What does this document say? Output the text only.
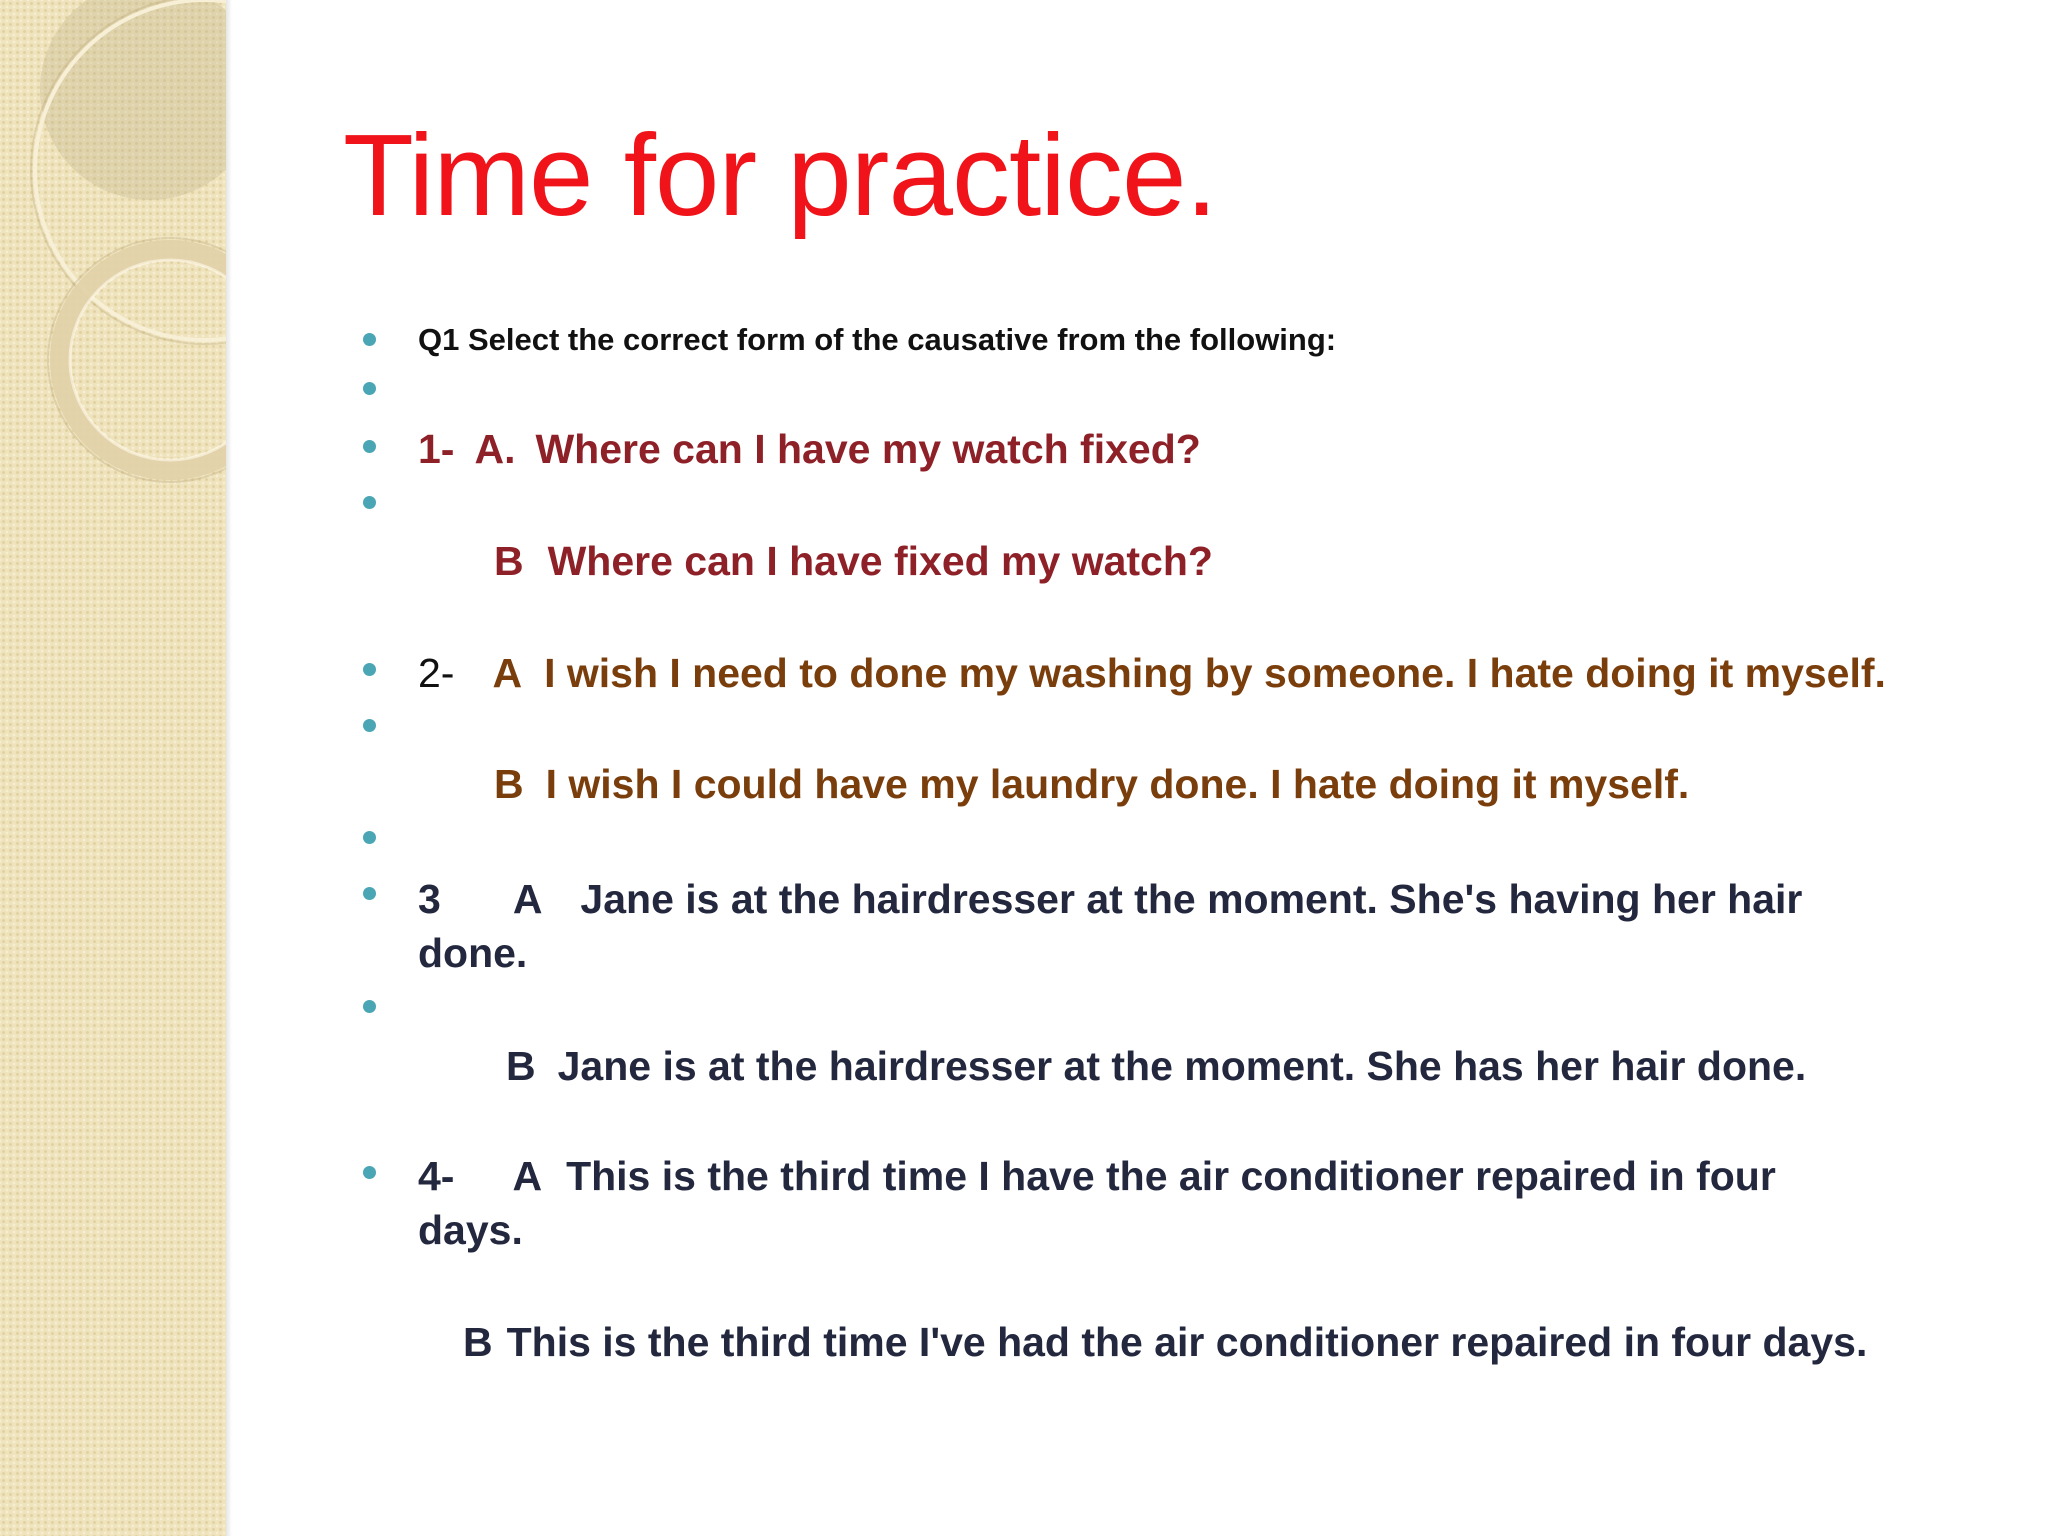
Time for practice.
Q1 Select the correct form of the causative from the following:
1- A. Where can I have my watch fixed?
B Where can I have fixed my watch?
2- A I wish I need to done my washing by someone. I hate doing it myself.
B I wish I could have my laundry done. I hate doing it myself.
3 A Jane is at the hairdresser at the moment. She's having her hair
done.
B Jane is at the hairdresser at the moment. She has her hair done.
4- A This is the third time I have the air conditioner repaired in four
days.
B This is the third time I've had the air conditioner repaired in four days.
